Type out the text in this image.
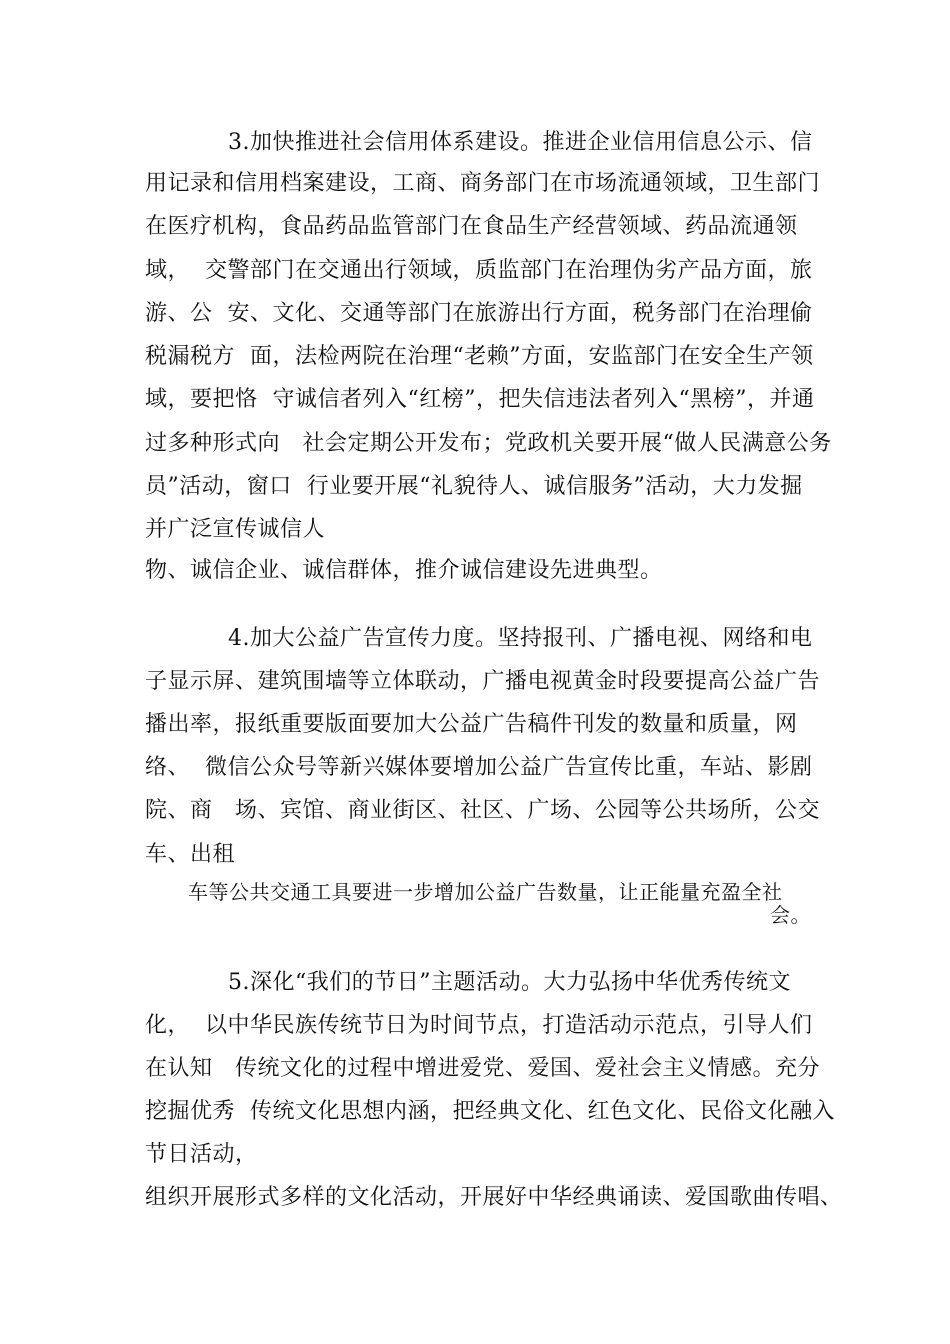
3.加快推进社会信用体系建设。推进企业信用信息公示、信
用记录和信用档案建设，工商、商务部门在市场流通领域，卫生部门
在医疗机构，食品药品监管部门在食品生产经营领域、药品流通领
域，  交警部门在交通出行领域，质监部门在治理伪劣产品方面，旅
游、公  安、文化、交通等部门在旅游出行方面，税务部门在治理偷
税漏税方  面，法检两院在治理“老赖”方面，安监部门在安全生产领
域，要把恪  守诚信者列入“红榜”，把失信违法者列入“黑榜”，并通
过多种形式向   社会定期公开发布；党政机关要开展“做人民满意公务
员”活动，窗口  行业要开展“礼貌待人、诚信服务”活动，大力发掘
并广泛宣传诚信人
物、诚信企业、诚信群体，推介诚信建设先进典型。
4.加大公益广告宣传力度。坚持报刊、广播电视、网络和电
子显示屏、建筑围墙等立体联动，广播电视黄金时段要提高公益广告
播出率，报纸重要版面要加大公益广告稿件刊发的数量和质量，网
络、  微信公众号等新兴媒体要增加公益广告宣传比重，车站、影剧
院、商   场、宾馆、商业街区、社区、广场、公园等公共场所，公交
车、出租
车等公共交通工具要进一步增加公益广告数量，让正能量充盈全社
会。
5.深化“我们的节日”主题活动。大力弘扬中华优秀传统文
化，  以中华民族传统节日为时间节点，打造活动示范点，引导人们
在认知   传统文化的过程中增进爱党、爱国、爱社会主义情感。充分
挖掘优秀  传统文化思想内涵，把经典文化、红色文化、民俗文化融入
节日活动，
组织开展形式多样的文化活动，开展好中华经典诵读、爱国歌曲传唱、
